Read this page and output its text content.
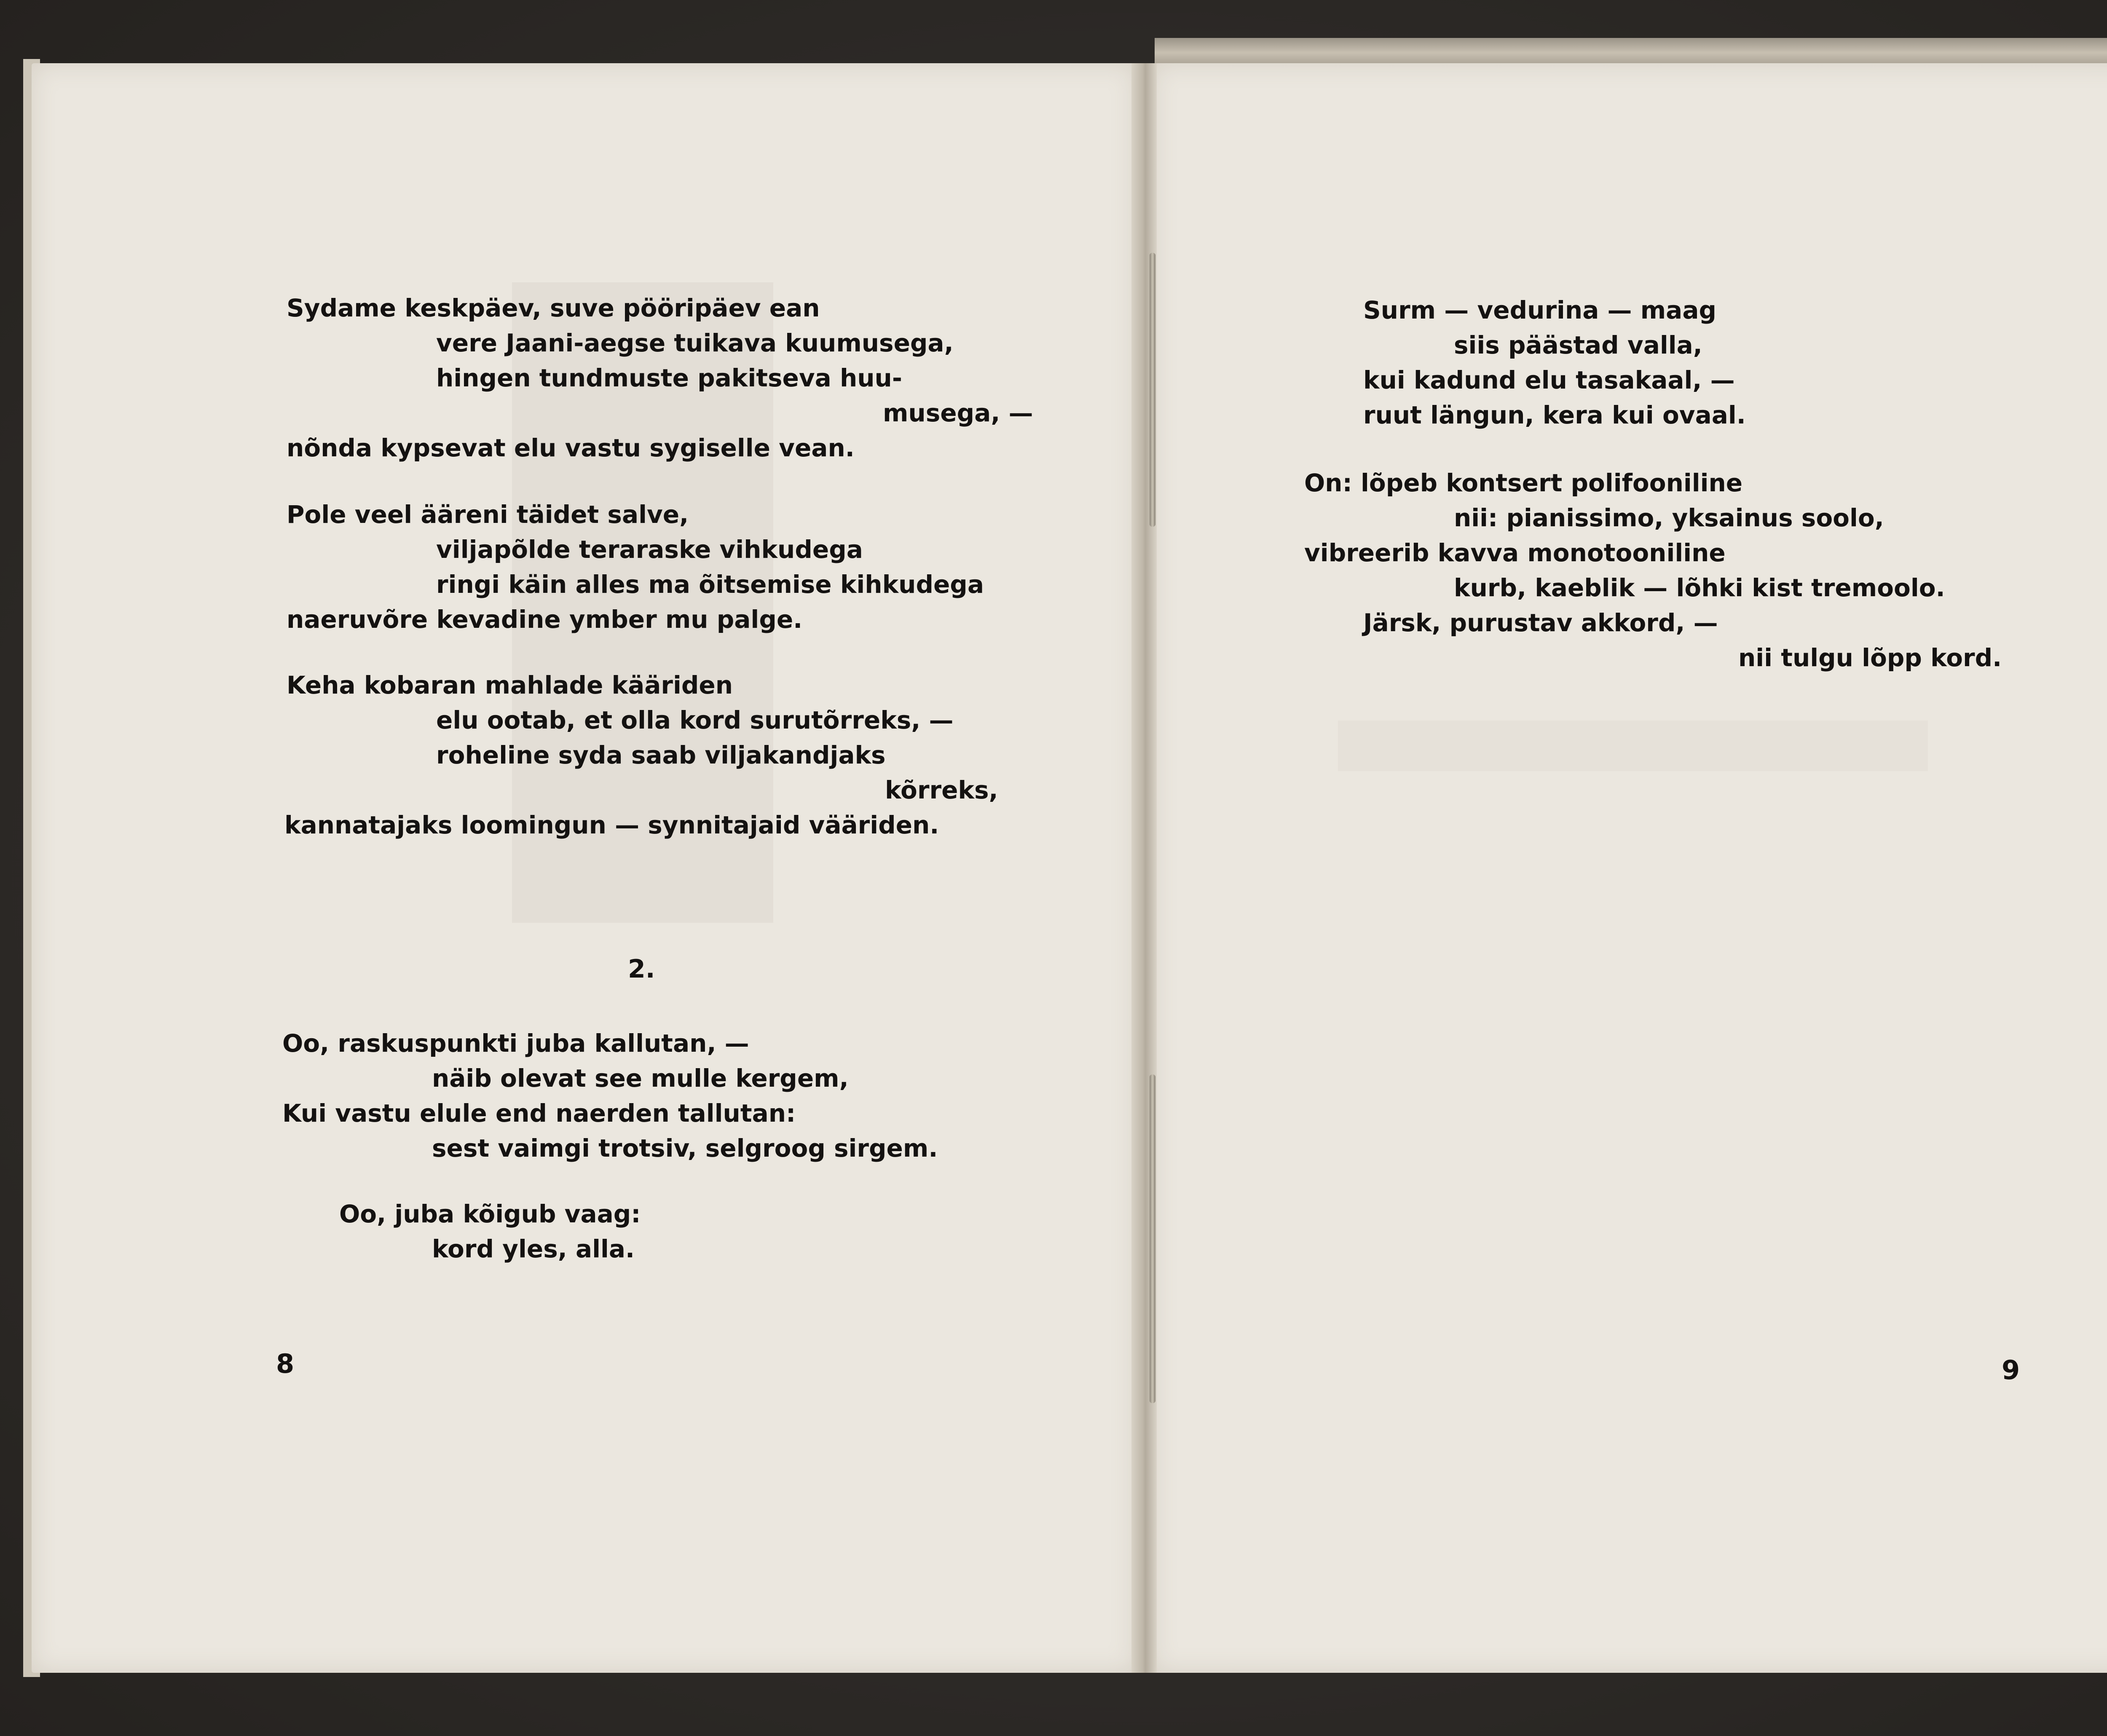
Sydame keskpäev, suve pööripäev ean
vere Jaani-aegse tuikava kuumusega,
hingen tundmuste pakitseva huu-
musega, —
nõnda kypsevat elu vastu sygiselle vean.
Pole veel ääreni täidet salve,
viljapõlde teraraske vihkudega
ringi käin alles ma õitsemise kihkudega
naeruvõre kevadine ymber mu palge.
Keha kobaran mahlade kääriden
elu ootab, et olla kord surutõrreks, —
roheline syda saab viljakandjaks
kõrreks,
kannatajaks loomingun — synnitajaid vääriden.
2.
Oo, raskuspunkti juba kallutan, —
näib olevat see mulle kergem,
Kui vastu elule end naerden tallutan:
sest vaimgi trotsiv, selgroog sirgem.
Oo, juba kõigub vaag:
kord yles, alla.
8
Surm — vedurina — maag
siis päästad valla,
kui kadund elu tasakaal, —
ruut längun, kera kui ovaal.
On: lõpeb kontsert polifooniline
nii: pianissimo, yksainus soolo,
vibreerib kavva monotooniline
kurb, kaeblik — lõhki kist tremoolo.
Järsk, purustav akkord, —
nii tulgu lõpp kord.
9
